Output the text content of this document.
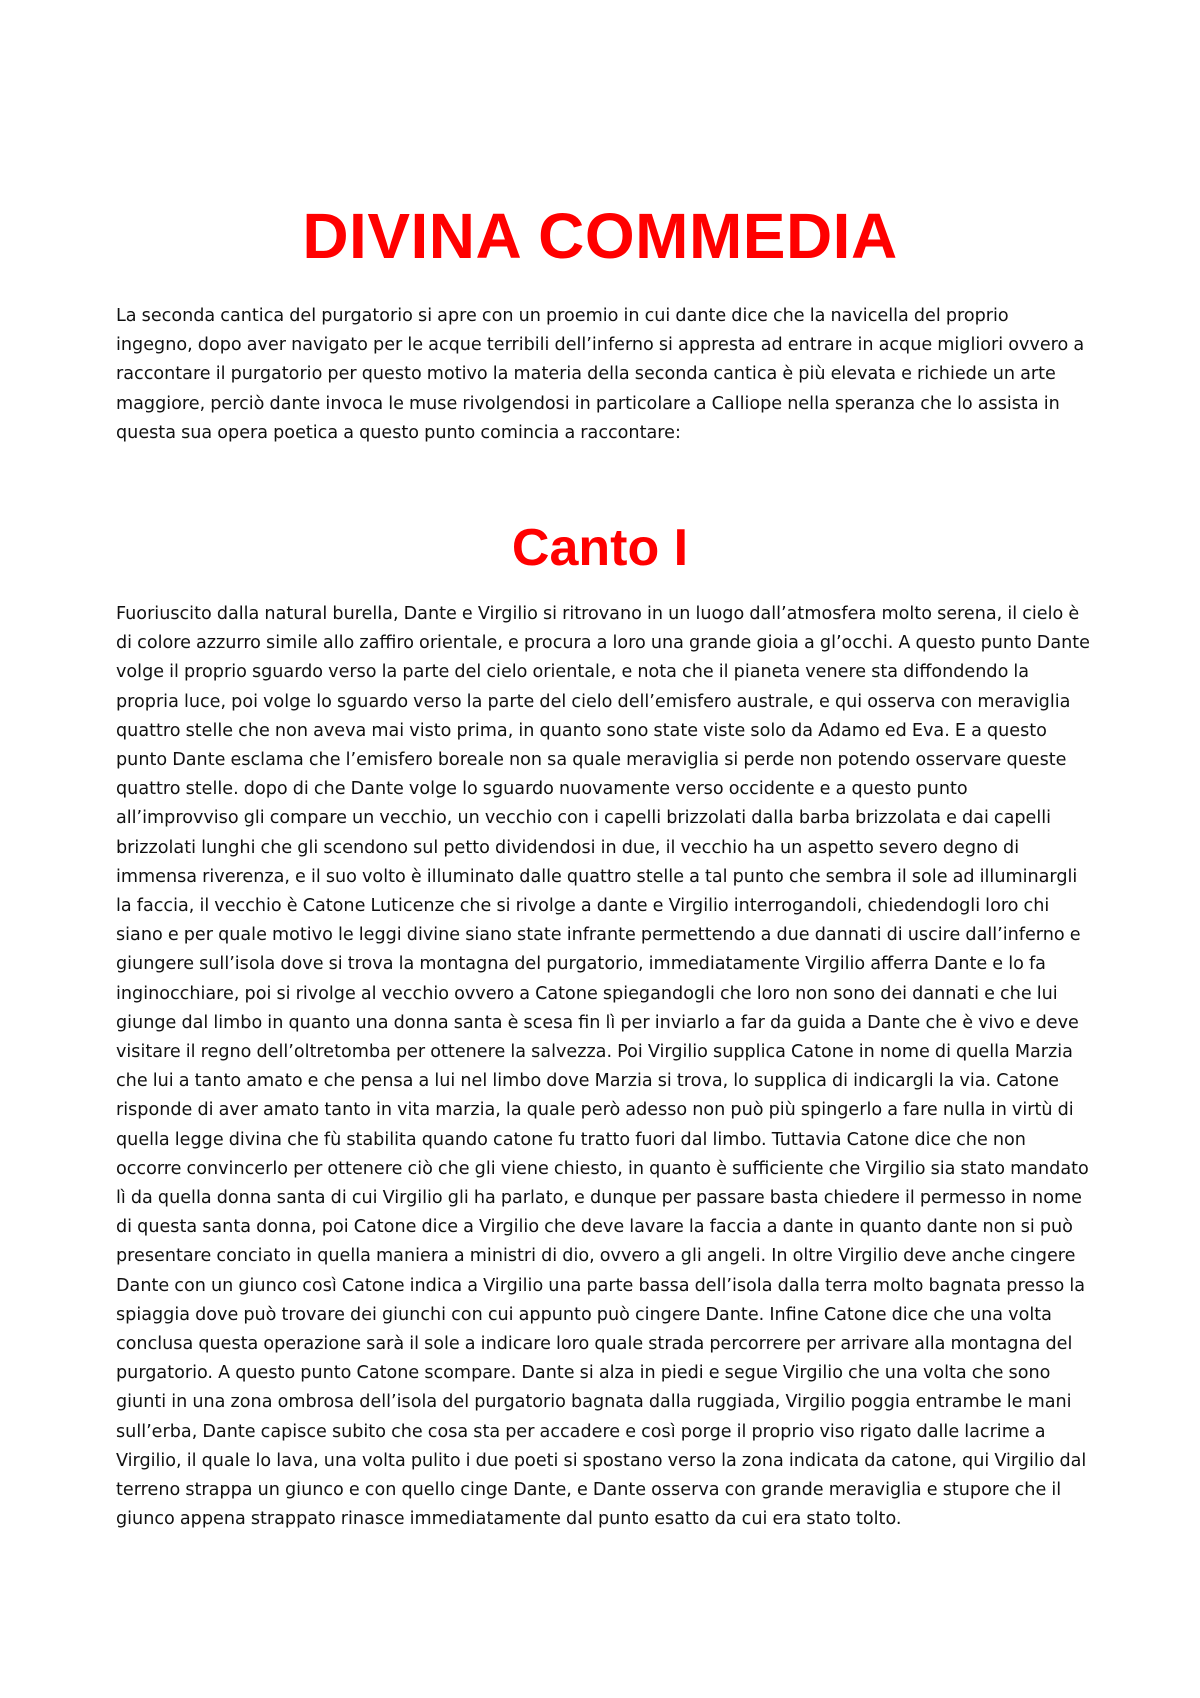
DIVINA COMMEDIA

La seconda cantica del purgatorio si apre con un proemio in cui dante dice che la navicella del proprio ingegno, dopo aver navigato per le acque terribili dell’inferno si appresta ad entrare in acque migliori ovvero a raccontare il purgatorio per questo motivo la materia della seconda cantica è più elevata e richiede un arte maggiore, perciò dante invoca le muse rivolgendosi in particolare a Calliope nella speranza che lo assista in questa sua opera poetica a questo punto comincia a raccontare:

Canto I

Fuoriuscito dalla natural burella, Dante e Virgilio si ritrovano in un luogo dall’atmosfera molto serena, il cielo è di colore azzurro simile allo zaffiro orientale, e procura a loro una grande gioia a gl’occhi. A questo punto Dante volge il proprio sguardo verso la parte del cielo orientale, e nota che il pianeta venere sta diffondendo la propria luce, poi volge lo sguardo verso la parte del cielo dell’emisfero australe, e qui osserva con meraviglia quattro stelle che non aveva mai visto prima, in quanto sono state viste solo da Adamo ed Eva. E a questo punto Dante esclama che l’emisfero boreale non sa quale meraviglia si perde non potendo osservare queste quattro stelle. dopo di che Dante volge lo sguardo nuovamente verso occidente e a questo punto all’improvviso gli compare un vecchio, un vecchio con i capelli brizzolati dalla barba brizzolata e dai capelli brizzolati lunghi che gli scendono sul petto dividendosi in due, il vecchio ha un aspetto severo degno di immensa riverenza, e il suo volto è illuminato dalle quattro stelle a tal punto che sembra il sole ad illuminargli la faccia, il vecchio è Catone Luticenze che si rivolge a dante e Virgilio interrogandoli, chiedendogli loro chi siano e per quale motivo le leggi divine siano state infrante permettendo a due dannati di uscire dall’inferno e giungere sull’isola dove si trova la montagna del purgatorio, immediatamente Virgilio afferra Dante e lo fa inginocchiare, poi si rivolge al vecchio ovvero a Catone spiegandogli che loro non sono dei dannati e che lui giunge dal limbo in quanto una donna santa è scesa fin lì per inviarlo a far da guida a Dante che è vivo e deve visitare il regno dell’oltretomba per ottenere la salvezza. Poi Virgilio supplica Catone in nome di quella Marzia che lui a tanto amato e che pensa a lui nel limbo dove Marzia si trova, lo supplica di indicargli la via. Catone risponde di aver amato tanto in vita marzia, la quale però adesso non può più spingerlo a fare nulla in virtù di quella legge divina che fù stabilita quando catone fu tratto fuori dal limbo. Tuttavia Catone dice che non occorre convincerlo per ottenere ciò che gli viene chiesto, in quanto è sufficiente che Virgilio sia stato mandato lì da quella donna santa di cui Virgilio gli ha parlato, e dunque per passare basta chiedere il permesso in nome di questa santa donna, poi Catone dice a Virgilio che deve lavare la faccia a dante in quanto dante non si può presentare conciato in quella maniera a ministri di dio, ovvero a gli angeli. In oltre Virgilio deve anche cingere Dante con un giunco così Catone indica a Virgilio una parte bassa dell’isola dalla terra molto bagnata presso la spiaggia dove può trovare dei giunchi con cui appunto può cingere Dante. Infine Catone dice che una volta conclusa questa operazione sarà il sole a indicare loro quale strada percorrere per arrivare alla montagna del purgatorio. A questo punto Catone scompare. Dante si alza in piedi e segue Virgilio che una volta che sono giunti in una zona ombrosa dell’isola del purgatorio bagnata dalla ruggiada, Virgilio poggia entrambe le mani sull’erba, Dante capisce subito che cosa sta per accadere e così porge il proprio viso rigato dalle lacrime a Virgilio, il quale lo lava, una volta pulito i due poeti si spostano verso la zona indicata da catone, qui Virgilio dal terreno strappa un giunco e con quello cinge Dante, e Dante osserva con grande meraviglia e stupore che il giunco appena strappato rinasce immediatamente dal punto esatto da cui era stato tolto.
